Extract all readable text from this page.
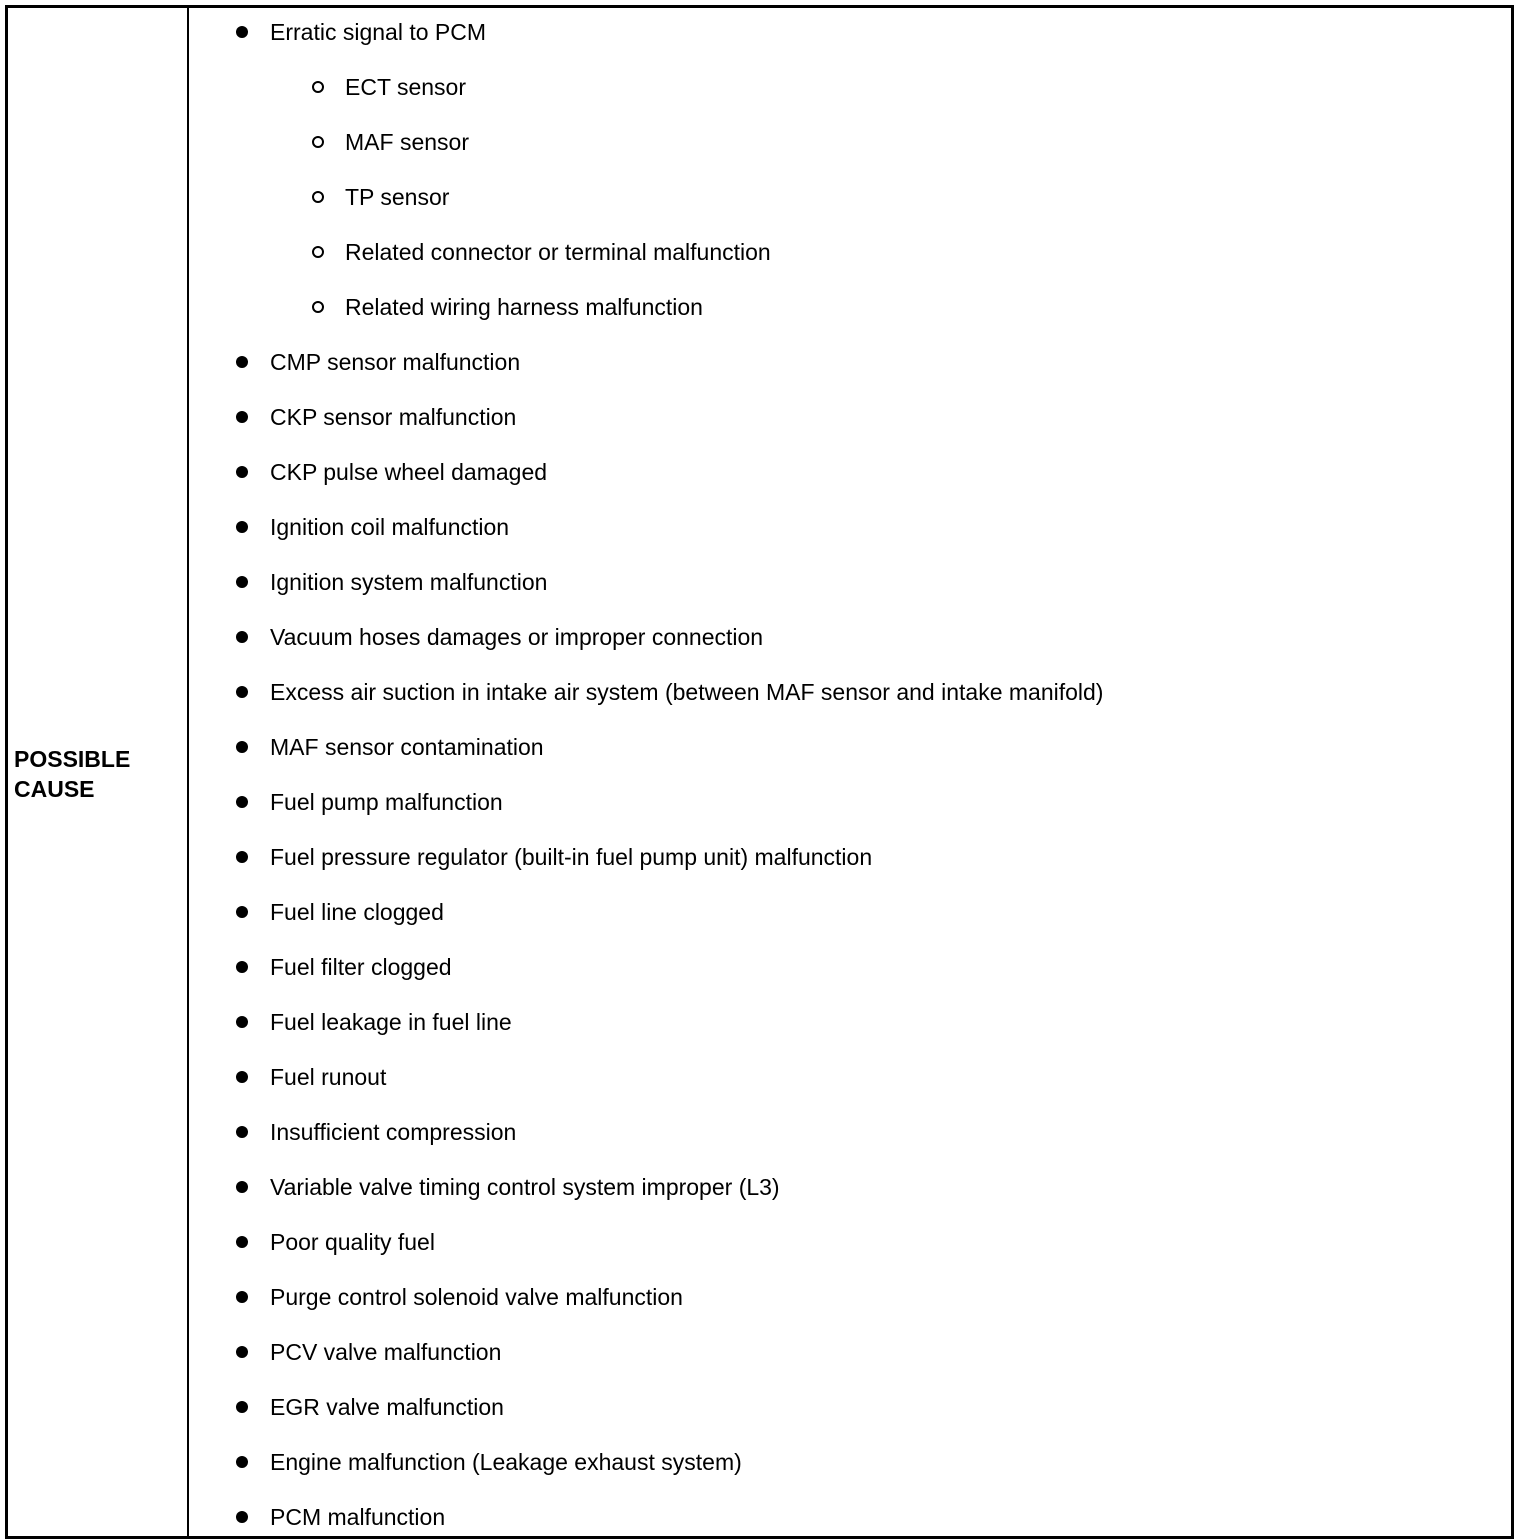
POSSIBLE
CAUSE
Erratic signal to PCM
ECT sensor
MAF sensor
TP sensor
Related connector or terminal malfunction
Related wiring harness malfunction
CMP sensor malfunction
CKP sensor malfunction
CKP pulse wheel damaged
Ignition coil malfunction
Ignition system malfunction
Vacuum hoses damages or improper connection
Excess air suction in intake air system (between MAF sensor and intake manifold)
MAF sensor contamination
Fuel pump malfunction
Fuel pressure regulator (built-in fuel pump unit) malfunction
Fuel line clogged
Fuel filter clogged
Fuel leakage in fuel line
Fuel runout
Insufficient compression
Variable valve timing control system improper (L3)
Poor quality fuel
Purge control solenoid valve malfunction
PCV valve malfunction
EGR valve malfunction
Engine malfunction (Leakage exhaust system)
PCM malfunction
